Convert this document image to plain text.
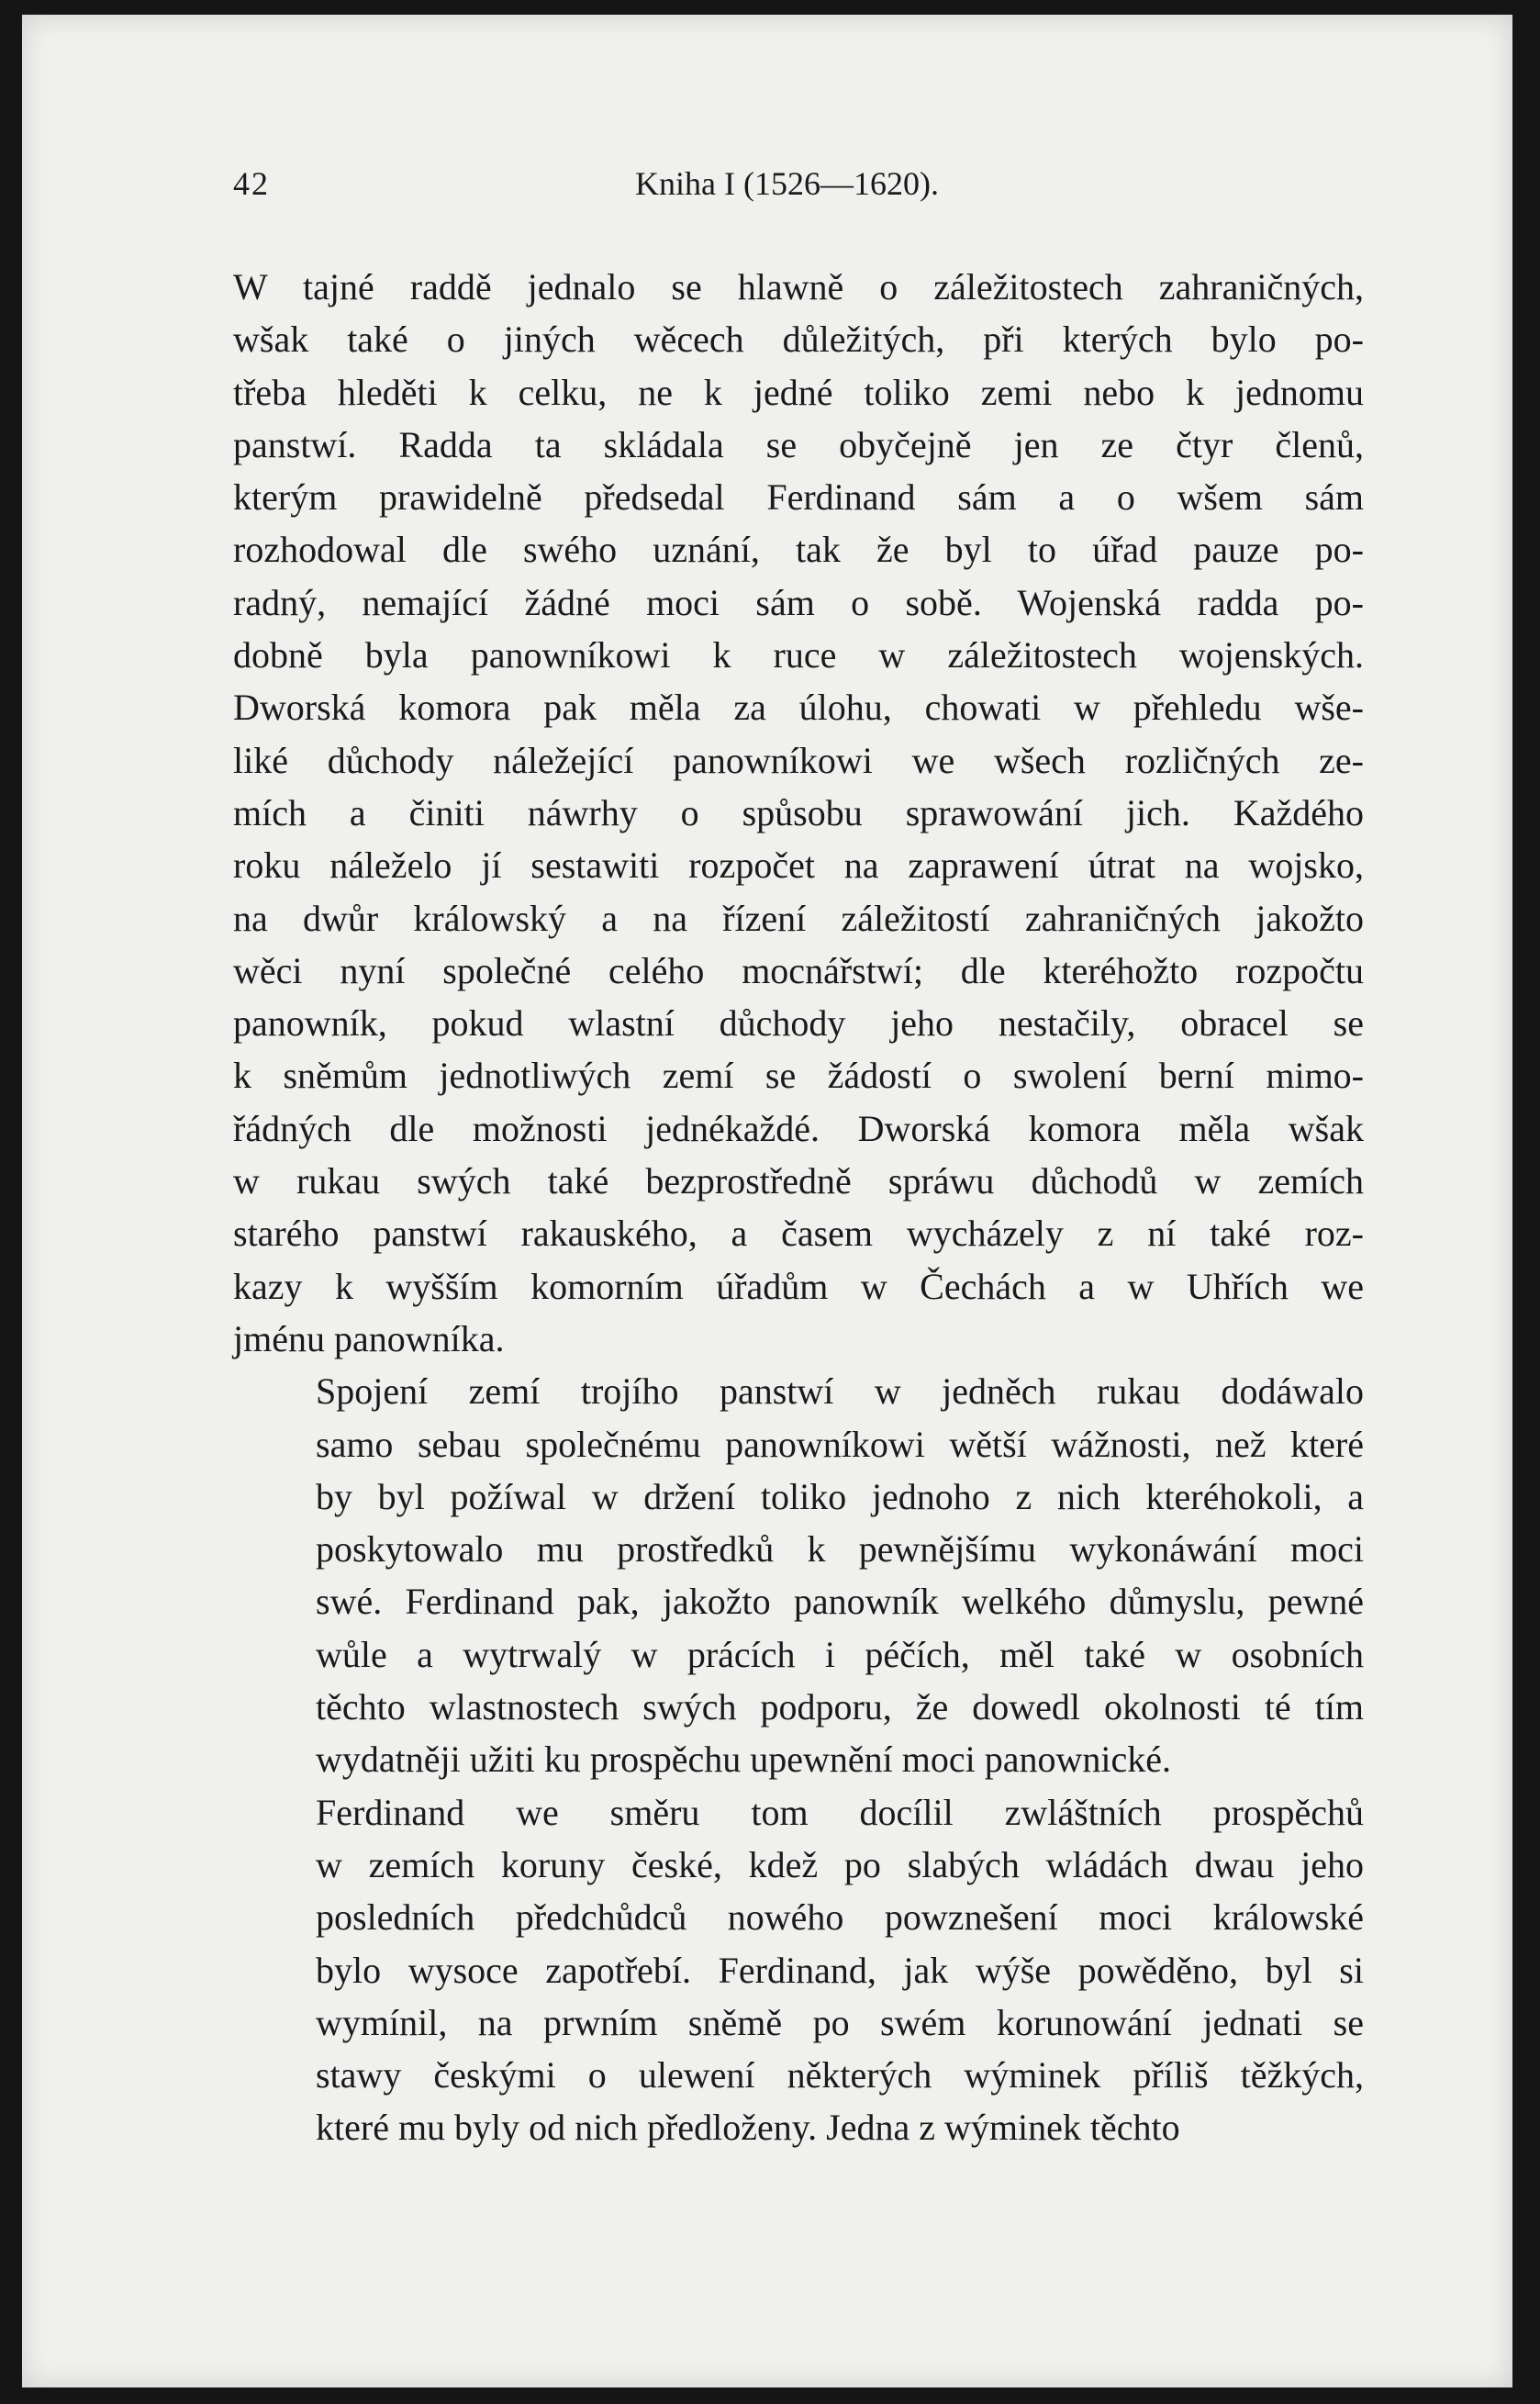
42	Kniha I (1526—1620).
W tajné raddě jednalo se hlawně o záležitostech zahraničných,
wšak také o jiných wěcech důležitých, při kterých bylo po-
třeba hleděti k celku, ne k jedné toliko zemi nebo k jednomu
panstwí. Radda ta skládala se obyčejně jen ze čtyr členů,
kterým prawidelně předsedal Ferdinand sám a o wšem sám
rozhodowal dle swého uznání, tak že byl to úřad pauze po-
radný, nemající žádné moci sám o sobě. Wojenská radda po-
dobně byla panowníkowi k ruce w záležitostech wojenských.
Dworská komora pak měla za úlohu, chowati w přehledu wše-
liké důchody náležející panowníkowi we wšech rozličných ze-
mích a činiti náwrhy o spůsobu sprawowání jich. Každého
roku náleželo jí sestawiti rozpočet na zaprawení útrat na wojsko,
na dwůr králowský a na řízení záležitostí zahraničných jakožto
wěci nyní společné celého mocnářstwí; dle kteréhožto rozpočtu
panowník, pokud wlastní důchody jeho nestačily, obracel se
k sněmům jednotliwých zemí se žádostí o swolení berní mimo-
řádných dle možnosti jednékaždé. Dworská komora měla wšak
w rukau swých také bezprostředně spráwu důchodů w zemích
starého panstwí rakauského, a časem wycházely z ní také roz-
kazy k wyšším komorním úřadům w Čechách a w Uhřích we
jménu panowníka.
Spojení zemí trojího panstwí w jedněch rukau dodáwalo
samo sebau společnému panowníkowi wětší wážnosti, než které
by byl požíwal w držení toliko jednoho z nich kteréhokoli, a
poskytowalo mu prostředků k pewnějšímu wykonáwání moci
swé. Ferdinand pak, jakožto panowník welkého důmyslu, pewné
wůle a wytrwalý w prácích i péčích, měl také w osobních
těchto wlastnostech swých podporu, že dowedl okolnosti té tím
wydatněji užiti ku prospěchu upewnění moci panownické.
Ferdinand we směru tom docílil zwláštních prospěchů
w zemích koruny české, kdež po slabých wládách dwau jeho
posledních předchůdců nowého powznešení moci králowské
bylo wysoce zapotřebí. Ferdinand, jak wýše powěděno, byl si
wymínil, na prwním sněmě po swém korunowání jednati se
stawy českými o ulewení některých wýminek příliš těžkých,
které mu byly od nich předloženy. Jedna z wýminek těchto
